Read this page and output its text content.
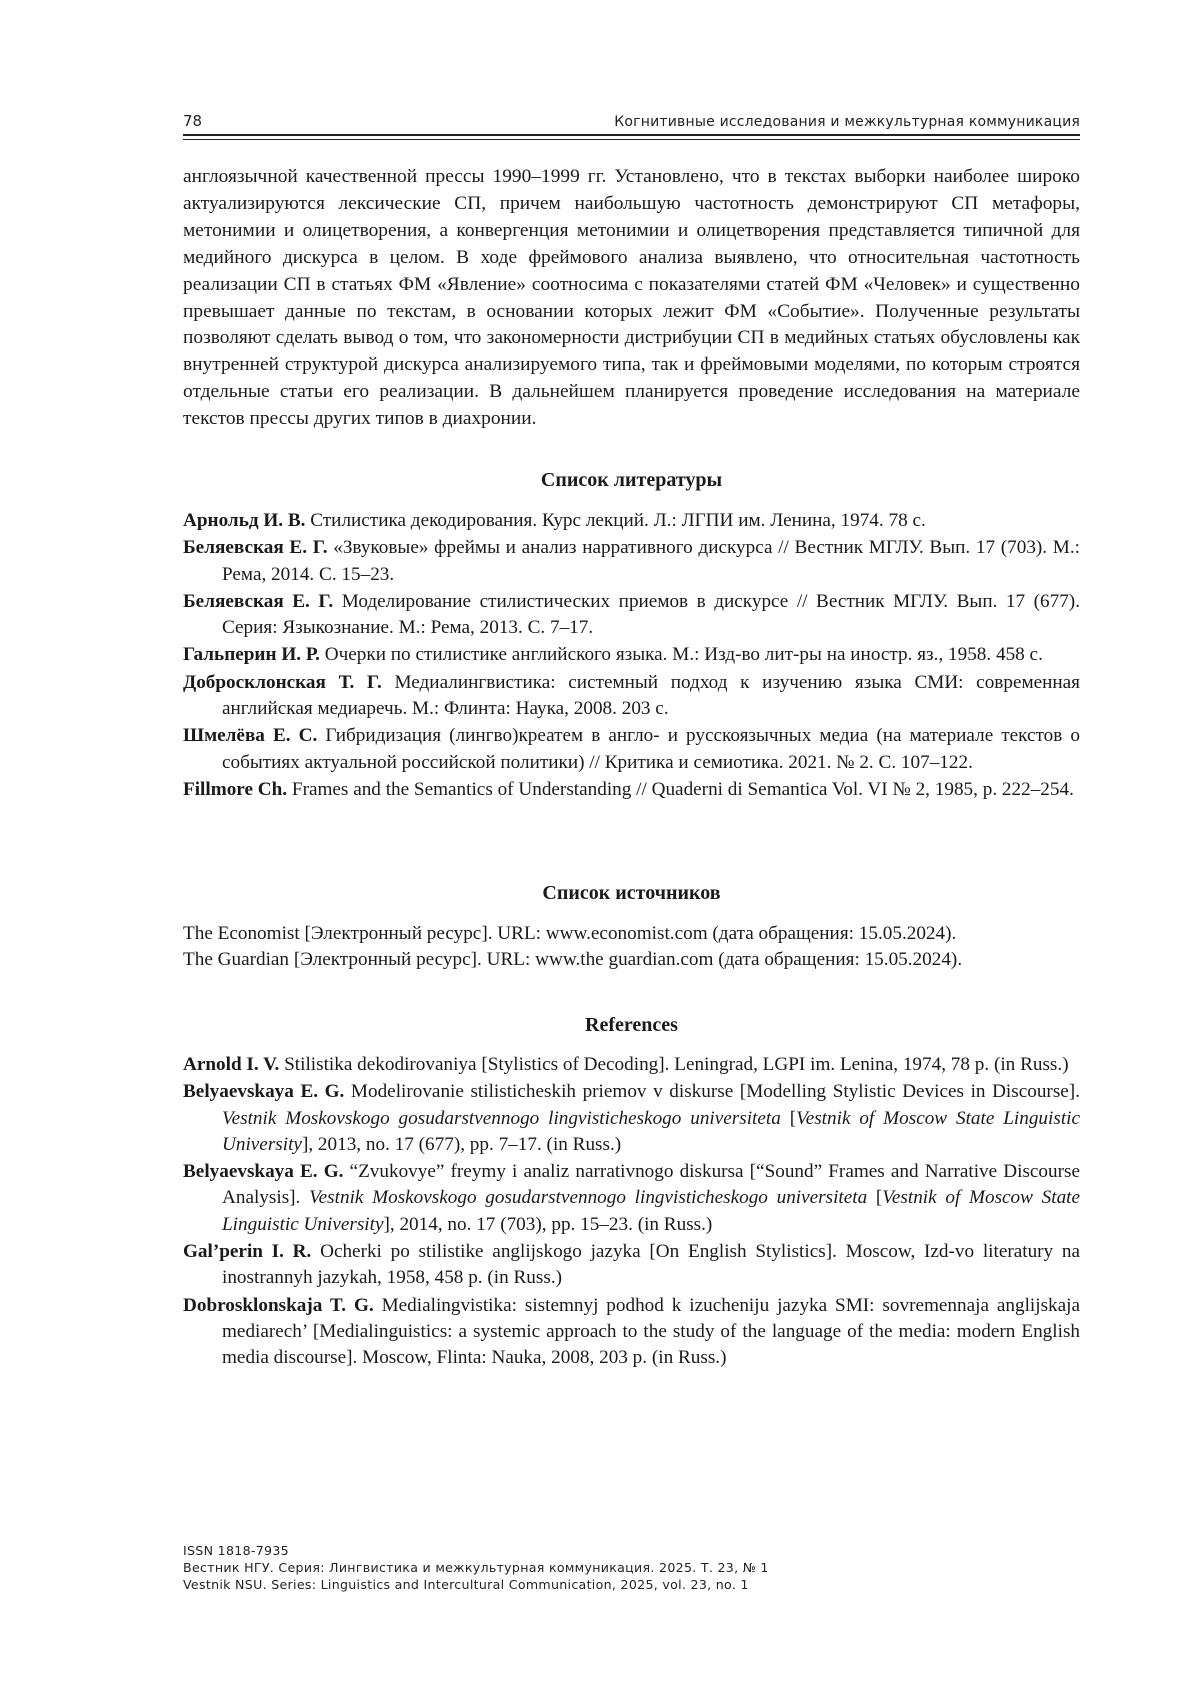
78	Когнитивные исследования и межкультурная коммуникация

англоязычной качественной прессы 1990–1999 гг. Установлено, что в текстах выборки наиболее широко актуализируются лексические СП, причем наибольшую частотность демонстрируют СП метафоры, метонимии и олицетворения, а конвергенция метонимии и олицетворения представляется типичной для медийного дискурса в целом. В ходе фреймового анализа выявлено, что относительная частотность реализации СП в статьях ФМ «Явление» соотносима с показателями статей ФМ «Человек» и существенно превышает данные по текстам, в основании которых лежит ФМ «Событие». Полученные результаты позволяют сделать вывод о том, что закономерности дистрибуции СП в медийных статьях обусловлены как внутренней структурой дискурса анализируемого типа, так и фреймовыми моделями, по которым строятся отдельные статьи его реализации. В дальнейшем планируется проведение исследования на материале текстов прессы других типов в диахронии.

Список литературы
Арнольд И. В. Стилистика декодирования. Курс лекций. Л.: ЛГПИ им. Ленина, 1974. 78 с.
Беляевская Е. Г. «Звуковые» фреймы и анализ нарративного дискурса // Вестник МГЛУ. Вып. 17 (703). М.: Рема, 2014. С. 15–23.
Беляевская Е. Г. Моделирование стилистических приемов в дискурсе // Вестник МГЛУ. Вып. 17 (677). Серия: Языкознание. М.: Рема, 2013. С. 7–17.
Гальперин И. Р. Очерки по стилистике английского языка. М.: Изд-во лит-ры на иностр. яз., 1958. 458 с.
Добросклонская Т. Г. Медиалингвистика: системный подход к изучению языка СМИ: современная английская медиаречь. М.: Флинта: Наука, 2008. 203 с.
Шмелёва Е. С. Гибридизация (лингво)креатем в англо- и русскоязычных медиа (на материале текстов о событиях актуальной российской политики) // Критика и семиотика. 2021. № 2. С. 107–122.
Fillmore Ch. Frames and the Semantics of Understanding // Quaderni di Semantica Vol. VI № 2, 1985, p. 222–254.
Список источников
The Economist [Электронный ресурс]. URL: www.economist.com (дата обращения: 15.05.2024).
The Guardian [Электронный ресурс]. URL: www.the guardian.com (дата обращения: 15.05.2024).
References
Arnold I. V. Stilistika dekodirovaniya [Stylistics of Decoding]. Leningrad, LGPI im. Lenina, 1974, 78 p. (in Russ.)
Belyaevskaya E. G. Modelirovanie stilisticheskih priemov v diskurse [Modelling Stylistic Devices in Discourse]. Vestnik Moskovskogo gosudarstvennogo lingvisticheskogo universiteta [Vestnik of Moscow State Linguistic University], 2013, no. 17 (677), pp. 7–17. (in Russ.)
Belyaevskaya E. G. “Zvukovye” freymy i analiz narrativnogo diskursa [“Sound” Frames and Narrative Discourse Analysis]. Vestnik Moskovskogo gosudarstvennogo lingvisticheskogo universiteta [Vestnik of Moscow State Linguistic University], 2014, no. 17 (703), pp. 15–23. (in Russ.)
Gal’perin I. R. Ocherki po stilistike anglijskogo jazyka [On English Stylistics]. Moscow, Izd-vo literatury na inostrannyh jazykah, 1958, 458 p. (in Russ.)
Dobrosklonskaja T. G. Medialingvistika: sistemnyj podhod k izucheniju jazyka SMI: sovremennaja anglijskaja mediarech’ [Medialinguistics: a systemic approach to the study of the language of the media: modern English media discourse]. Moscow, Flinta: Nauka, 2008, 203 p. (in Russ.)
ISSN 1818-7935
Вестник НГУ. Серия: Лингвистика и межкультурная коммуникация. 2025. Т. 23, № 1
Vestnik NSU. Series: Linguistics and Intercultural Communication, 2025, vol. 23, no. 1
